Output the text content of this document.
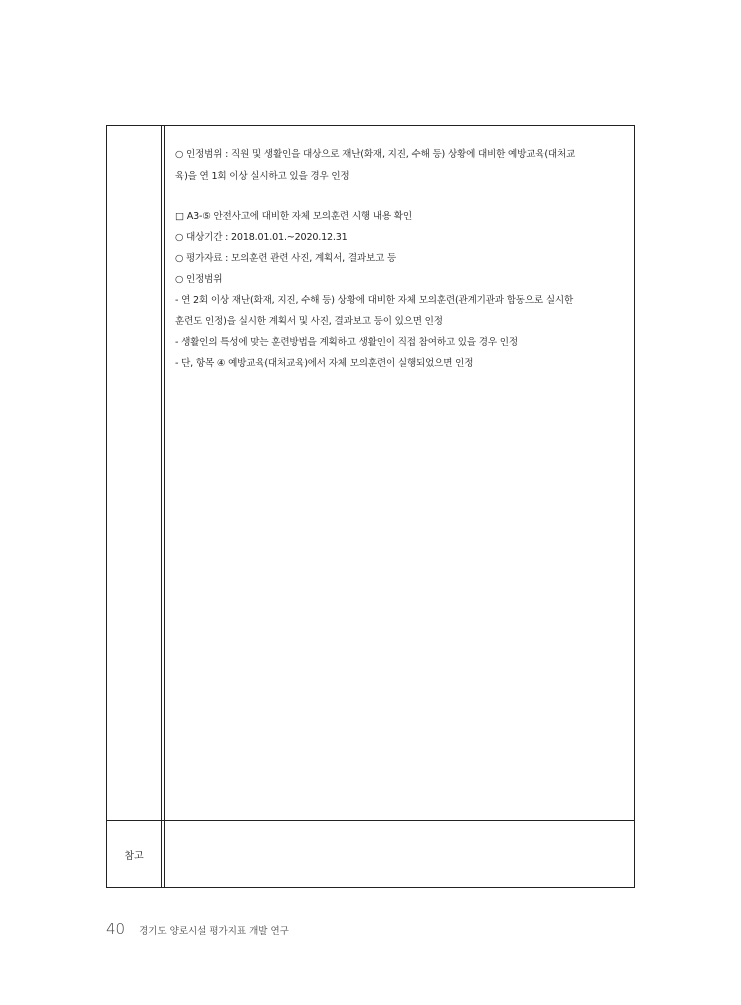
○ 인정범위 : 직원 및 생활인을 대상으로 재난(화재, 지진, 수해 등) 상황에 대비한 예방교육(대처교
육)을 연 1회 이상 실시하고 있을 경우 인정
□ A3-⑤ 안전사고에 대비한 자체 모의훈련 시행 내용 확인
○ 대상기간 : 2018.01.01.~2020.12.31
○ 평가자료 : 모의훈련 관련 사진, 계획서, 결과보고 등
○ 인정범위
- 연 2회 이상 재난(화재, 지진, 수해 등) 상황에 대비한 자체 모의훈련(관계기관과 합동으로 실시한
훈련도 인정)을 실시한 계획서 및 사진, 결과보고 등이 있으면 인정
- 생활인의 특성에 맞는 훈련방법을 계획하고 생활인이 직접 참여하고 있을 경우 인정
- 단, 항목 ④ 예방교육(대처교육)에서 자체 모의훈련이 실행되었으면 인정
참고
40 경기도 양로시설 평가지표 개발 연구
